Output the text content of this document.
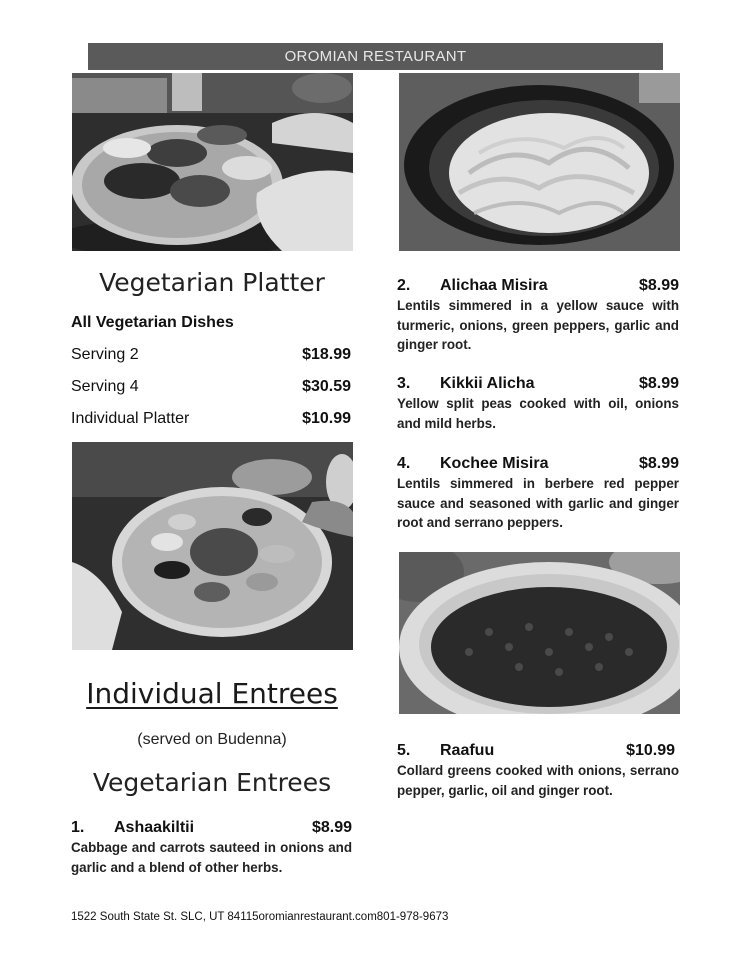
OROMIAN RESTAURANT
Vegetarian Platter
All Vegetarian Dishes
Serving 2	$18.99
Serving 4	$30.59
Individual Platter	$10.99
Individual Entrees
(served on Budenna)
Vegetarian Entrees
1. Ashaakiltii	$8.99
Cabbage and carrots sauteed in onions and garlic and a blend of other herbs.
2. Alichaa Misira	$8.99
Lentils simmered in a yellow sauce with turmeric, onions, green peppers, garlic and ginger root.
3. Kikkii Alicha	$8.99
Yellow split peas cooked with oil, onions and mild herbs.
4. Kochee Misira	$8.99
Lentils simmered in berbere red pepper sauce and seasoned with garlic and ginger root and serrano peppers.
5. Raafuu	$10.99
Collard greens cooked with onions, serrano pepper, garlic, oil and ginger root.
1522 South State St. SLC, UT 84115oromianrestaurant.com801-978-9673
